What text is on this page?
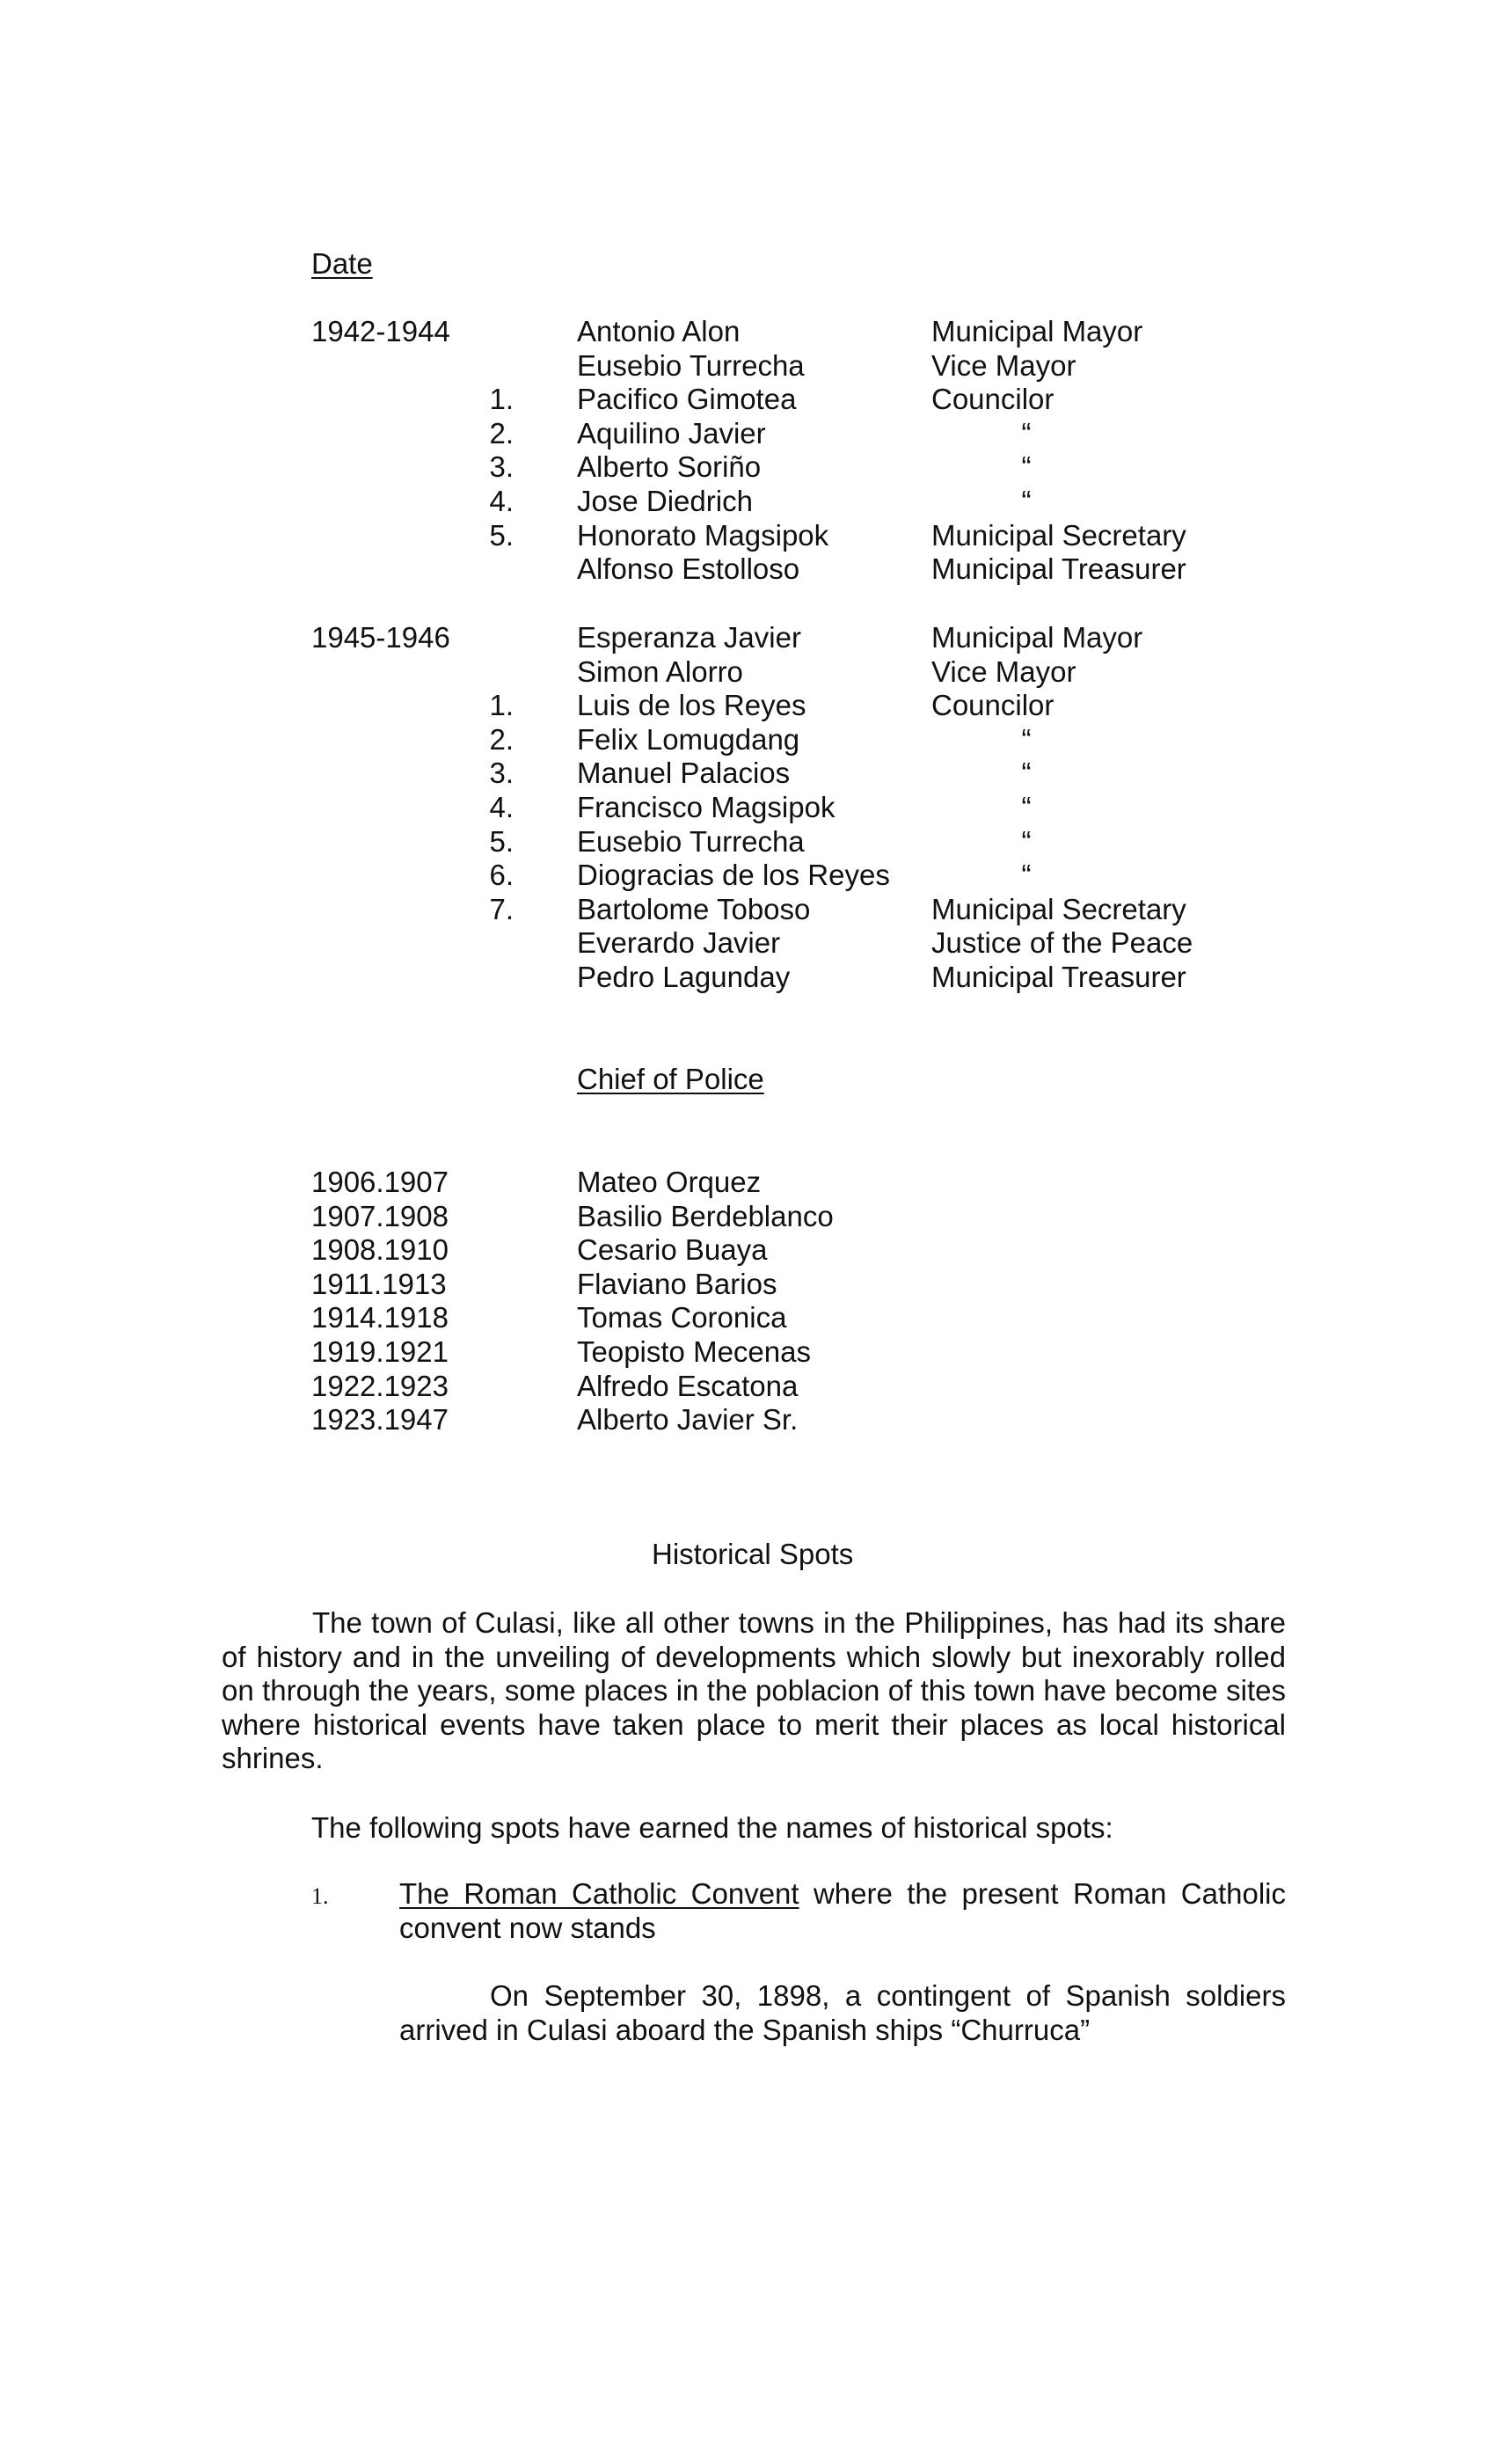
Date
1942-1944	Antonio Alon	Municipal Mayor
Eusebio Turrecha	Vice Mayor
1. Pacifico Gimotea	Councilor
2. Aquilino Javier	“
3. Alberto Soriño	“
4. Jose Diedrich	“
5. Honorato Magsipok	Municipal Secretary
Alfonso Estolloso	Municipal Treasurer
1945-1946	Esperanza Javier	Municipal Mayor
Simon Alorro	Vice Mayor
1. Luis de los Reyes	Councilor
2. Felix Lomugdang	“
3. Manuel Palacios	“
4. Francisco Magsipok	“
5. Eusebio Turrecha	“
6. Diogracias de los Reyes	“
7. Bartolome Toboso	Municipal Secretary
Everardo Javier	Justice of the Peace
Pedro Lagunday	Municipal Treasurer
Chief of Police
1906.1907	Mateo Orquez
1907.1908	Basilio Berdeblanco
1908.1910	Cesario Buaya
1911.1913	Flaviano Barios
1914.1918	Tomas Coronica
1919.1921	Teopisto Mecenas
1922.1923	Alfredo Escatona
1923.1947	Alberto Javier Sr.
Historical Spots
The town of Culasi, like all other towns in the Philippines, has had its share of history and in the unveiling of developments which slowly but inexorably rolled on through the years, some places in the poblacion of this town have become sites where historical events have taken place to merit their places as local historical shrines.
The following spots have earned the names of historical spots:
1. The Roman Catholic Convent where the present Roman Catholic convent now stands
On September 30, 1898, a contingent of Spanish soldiers arrived in Culasi aboard the Spanish ships “Churruca”
